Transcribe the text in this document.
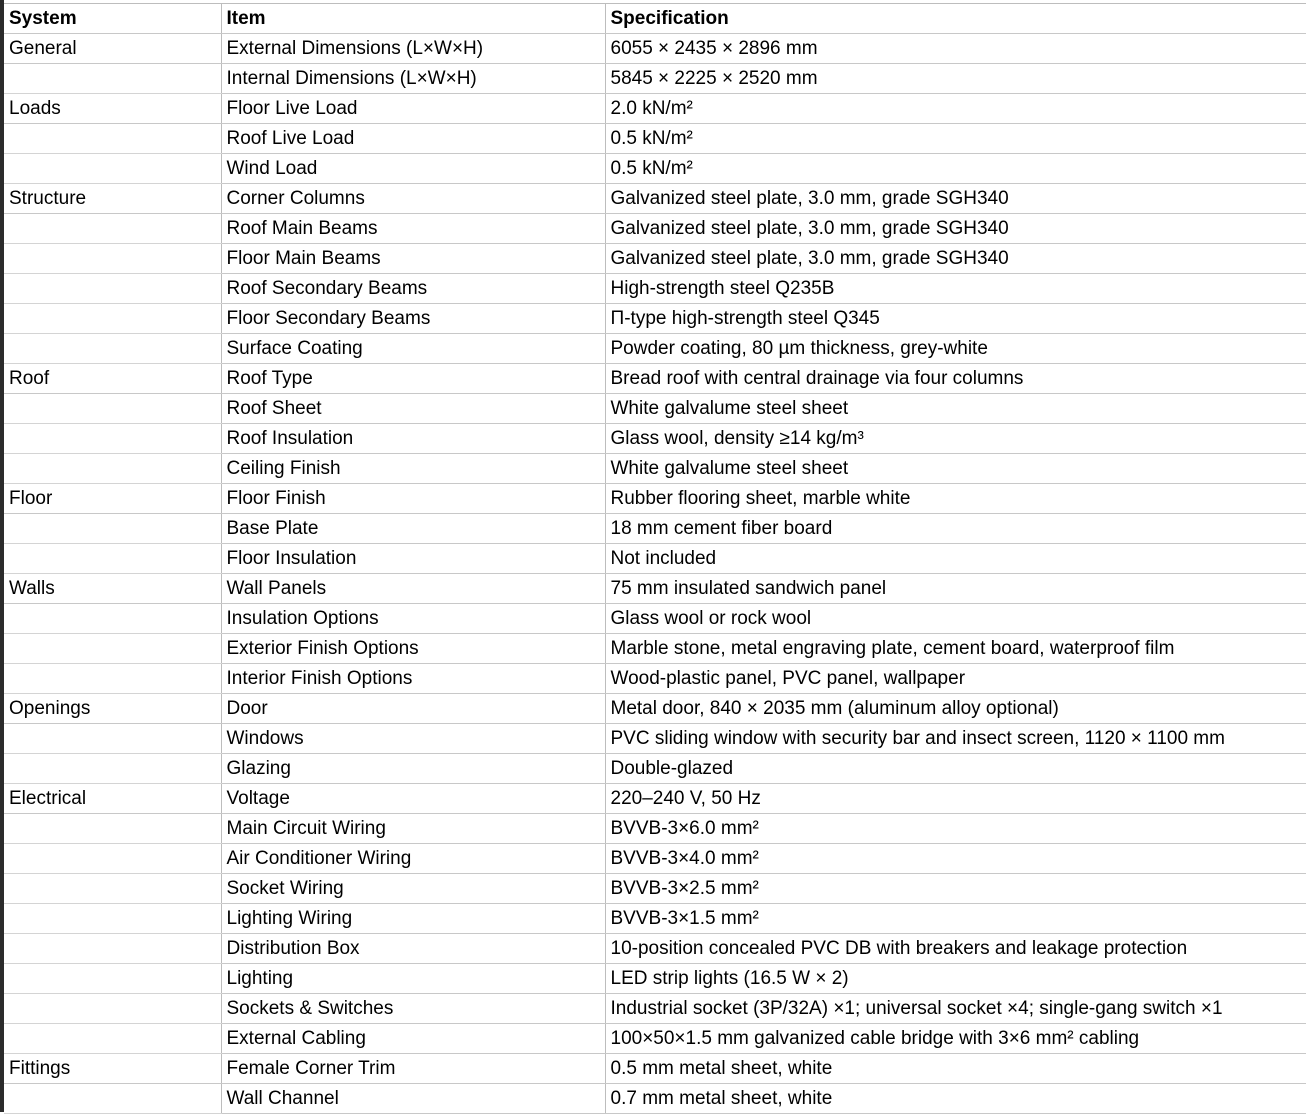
System	Item	Specification
General	External Dimensions (L×W×H)	6055 × 2435 × 2896 mm
	Internal Dimensions (L×W×H)	5845 × 2225 × 2520 mm
Loads	Floor Live Load	2.0 kN/m²
	Roof Live Load	0.5 kN/m²
	Wind Load	0.5 kN/m²
Structure	Corner Columns	Galvanized steel plate, 3.0 mm, grade SGH340
	Roof Main Beams	Galvanized steel plate, 3.0 mm, grade SGH340
	Floor Main Beams	Galvanized steel plate, 3.0 mm, grade SGH340
	Roof Secondary Beams	High-strength steel Q235B
	Floor Secondary Beams	Π-type high-strength steel Q345
	Surface Coating	Powder coating, 80 µm thickness, grey-white
Roof	Roof Type	Bread roof with central drainage via four columns
	Roof Sheet	White galvalume steel sheet
	Roof Insulation	Glass wool, density ≥14 kg/m³
	Ceiling Finish	White galvalume steel sheet
Floor	Floor Finish	Rubber flooring sheet, marble white
	Base Plate	18 mm cement fiber board
	Floor Insulation	Not included
Walls	Wall Panels	75 mm insulated sandwich panel
	Insulation Options	Glass wool or rock wool
	Exterior Finish Options	Marble stone, metal engraving plate, cement board, waterproof film
	Interior Finish Options	Wood-plastic panel, PVC panel, wallpaper
Openings	Door	Metal door, 840 × 2035 mm (aluminum alloy optional)
	Windows	PVC sliding window with security bar and insect screen, 1120 × 1100 mm
	Glazing	Double-glazed
Electrical	Voltage	220–240 V, 50 Hz
	Main Circuit Wiring	BVVB-3×6.0 mm²
	Air Conditioner Wiring	BVVB-3×4.0 mm²
	Socket Wiring	BVVB-3×2.5 mm²
	Lighting Wiring	BVVB-3×1.5 mm²
	Distribution Box	10-position concealed PVC DB with breakers and leakage protection
	Lighting	LED strip lights (16.5 W × 2)
	Sockets & Switches	Industrial socket (3P/32A) ×1; universal socket ×4; single-gang switch ×1
	External Cabling	100×50×1.5 mm galvanized cable bridge with 3×6 mm² cabling
Fittings	Female Corner Trim	0.5 mm metal sheet, white
	Wall Channel	0.7 mm metal sheet, white
